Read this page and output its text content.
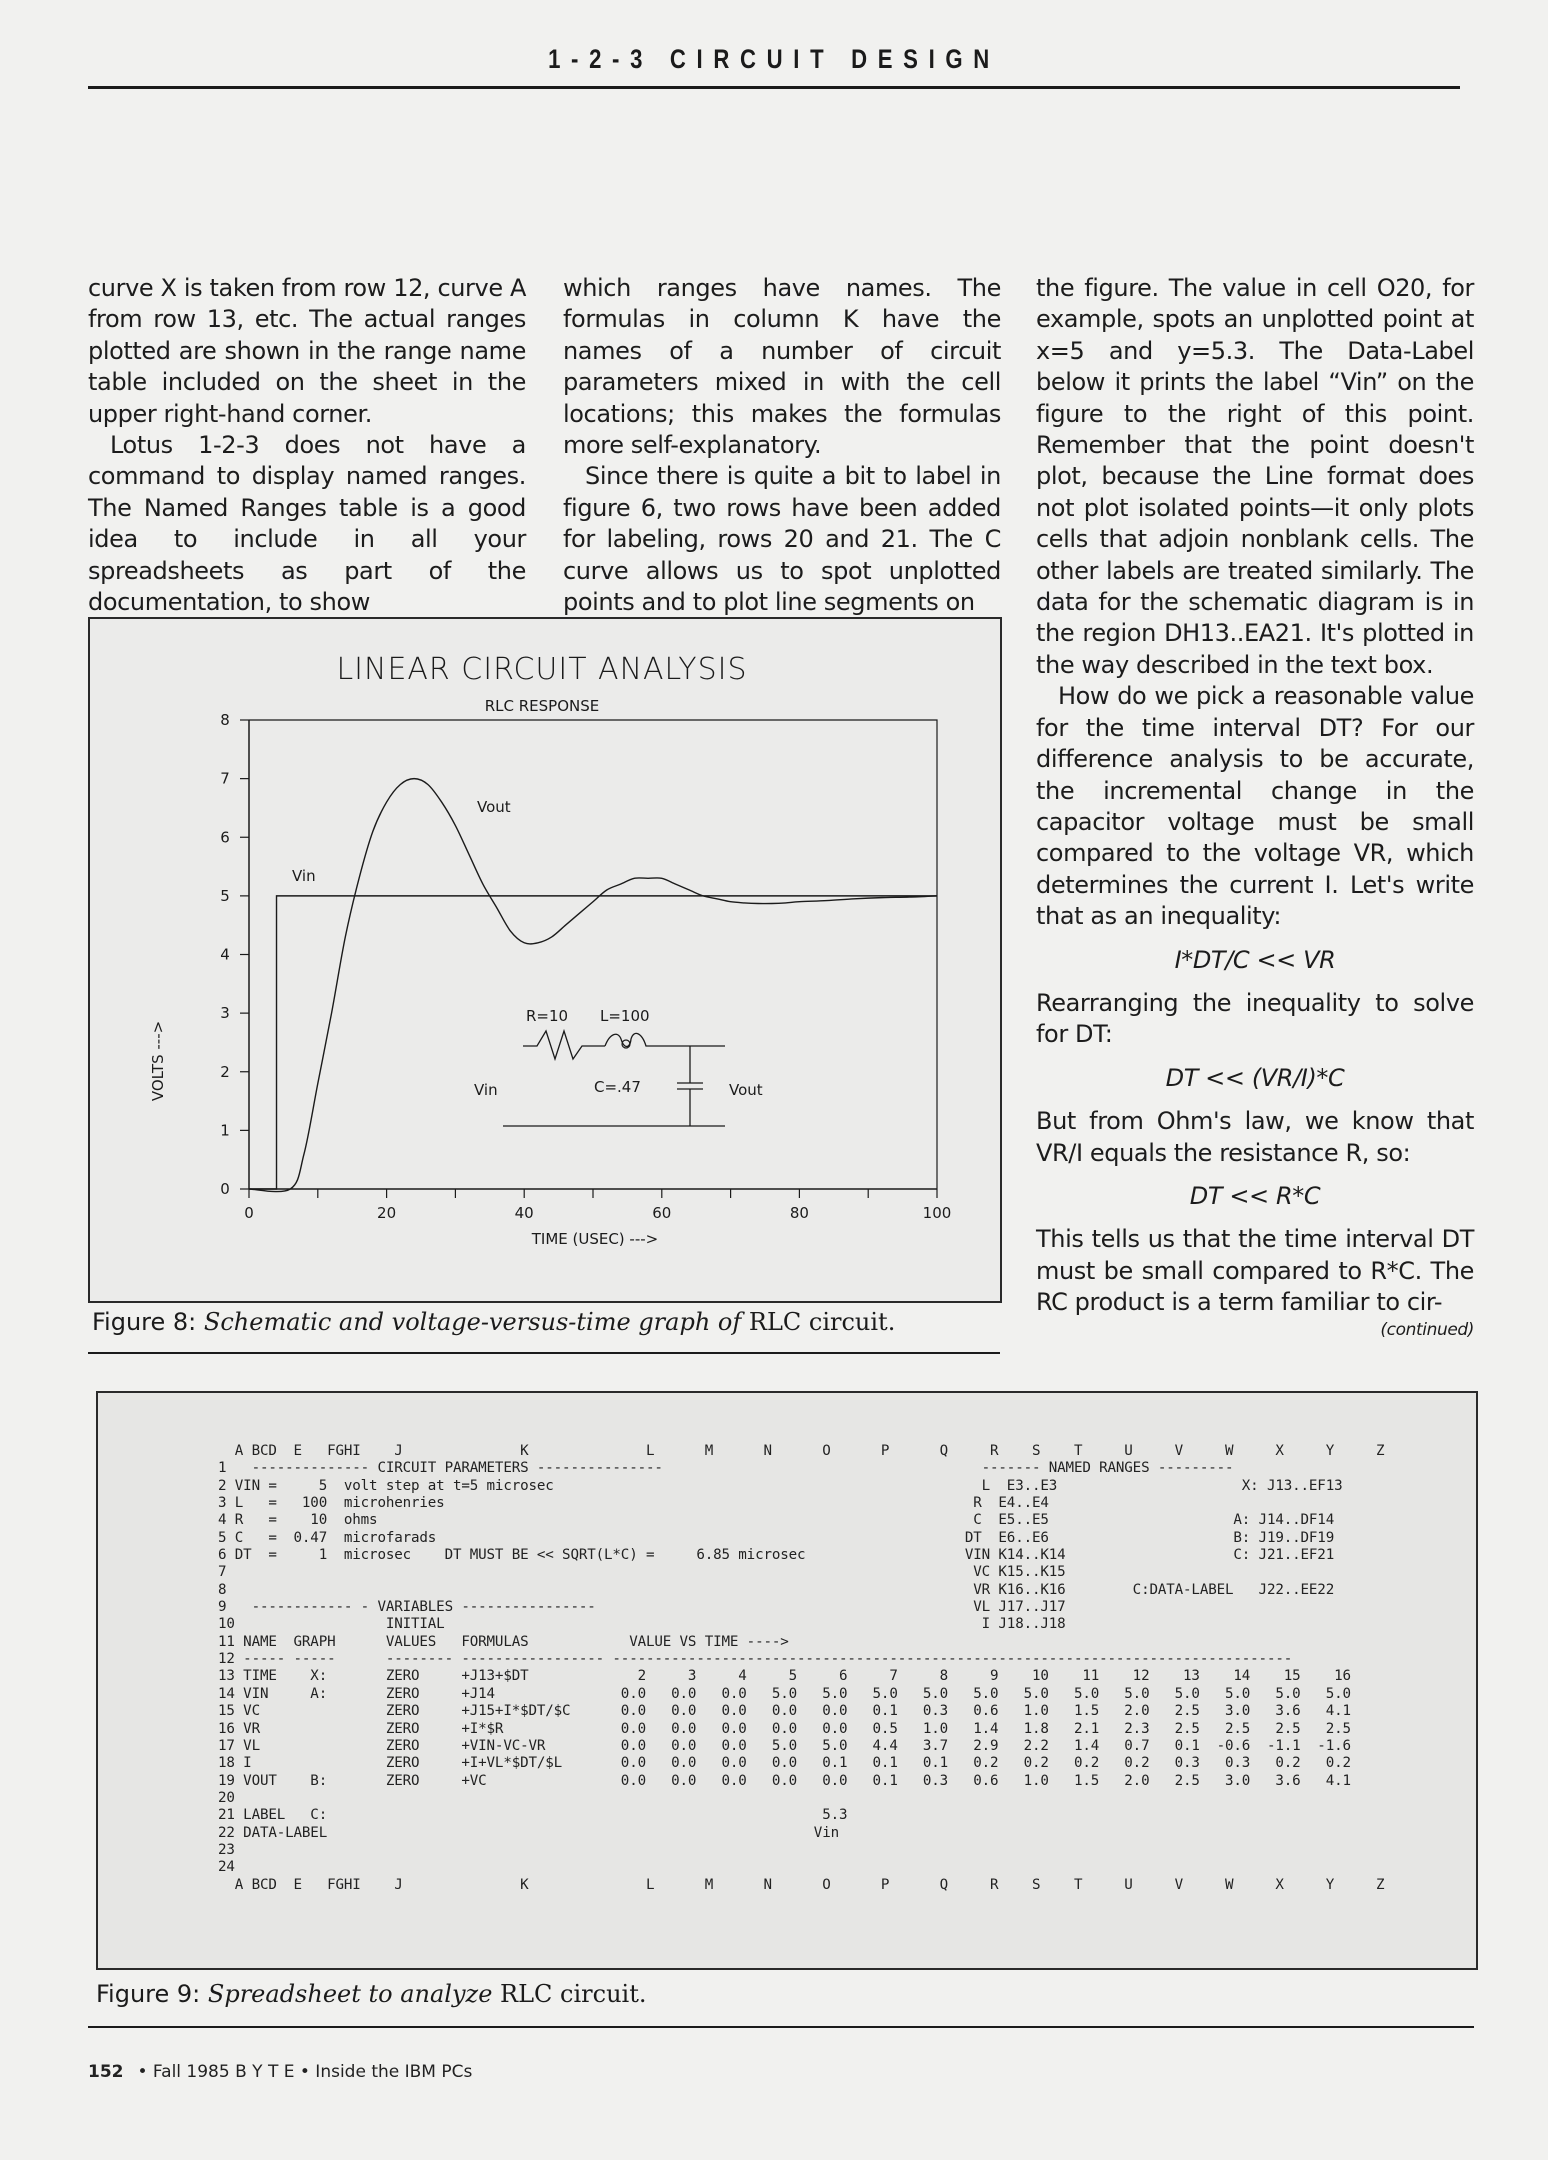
1-2-3 CIRCUIT DESIGN

curve X is taken from row 12, curve A from row 13, etc. The actual ranges plotted are shown in the range name table included on the sheet in the upper right-hand corner.

Lotus 1-2-3 does not have a command to display named ranges. The Named Ranges table is a good idea to include in all your spreadsheets as part of the documentation, to show

which ranges have names. The formulas in column K have the names of a number of circuit parameters mixed in with the cell locations; this makes the formulas more self-explanatory.

Since there is quite a bit to label in figure 6, two rows have been added for labeling, rows 20 and 21. The C curve allows us to spot unplotted points and to plot line segments on

the figure. The value in cell O20, for example, spots an unplotted point at x=5 and y=5.3. The Data-Label below it prints the label “Vin” on the figure to the right of this point. Remember that the point doesn't plot, because the Line format does not plot isolated points—it only plots cells that adjoin nonblank cells. The other labels are treated similarly. The data for the schematic diagram is in the region DH13..EA21. It's plotted in the way described in the text box.

How do we pick a reasonable value for the time interval DT? For our difference analysis to be accurate, the incremental change in the capacitor voltage must be small compared to the voltage VR, which determines the current I. Let's write that as an inequality:

I*DT/C << VR

Rearranging the inequality to solve for DT:

DT << (VR/I)*C

But from Ohm's law, we know that VR/I equals the resistance R, so:

DT << R*C

This tells us that the time interval DT must be small compared to R*C. The RC product is a term familiar to cir-

(continued)

LINEAR CIRCUIT ANALYSIS
RLC RESPONSE
0
1
2
3
4
5
6
7
8
0	20	40	60	80	100
VOLTS --->
TIME (USEC) --->
Vin
Vout
R=10 L=100
Vin	C=.47	Vout
Figure 8: Schematic and voltage-versus-time graph of RLC circuit.
A BCD  E   FGHI    J              K              L      M      N      O      P      Q     R    S    T     U     V     W     X     Y     Z
1   -------------- CIRCUIT PARAMETERS ---------------                                      ------- NAMED RANGES ---------
2 VIN =     5  volt step at t=5 microsec                                                   L  E3..E3                      X: J13..EF13
3 L   =   100  microhenries                                                               R  E4..E4
4 R   =    10  ohms                                                                       C  E5..E5                      A: J14..DF14
5 C   =  0.47  microfarads                                                               DT  E6..E6                      B: J19..DF19
6 DT  =     1  microsec    DT MUST BE << SQRT(L*C) =     6.85 microsec                   VIN K14..K14                    C: J21..EF21
7                                                                                         VC K15..K15
8                                                                                         VR K16..K16        C:DATA-LABEL   J22..EE22
9   ------------ - VARIABLES ----------------                                             VL J17..J17
10                  INITIAL                                                                I J18..J18
11 NAME  GRAPH      VALUES   FORMULAS            VALUE VS TIME ---->
12 ----- -----      -------- ----------------- ---------------------------------------------------------------------------------
13 TIME    X:       ZERO     +J13+$DT             2     3     4     5     6     7     8     9    10    11    12    13    14    15    16
14 VIN     A:       ZERO     +J14               0.0   0.0   0.0   5.0   5.0   5.0   5.0   5.0   5.0   5.0   5.0   5.0   5.0   5.0   5.0
15 VC               ZERO     +J15+I*$DT/$C      0.0   0.0   0.0   0.0   0.0   0.1   0.3   0.6   1.0   1.5   2.0   2.5   3.0   3.6   4.1
16 VR               ZERO     +I*$R              0.0   0.0   0.0   0.0   0.0   0.5   1.0   1.4   1.8   2.1   2.3   2.5   2.5   2.5   2.5
17 VL               ZERO     +VIN-VC-VR         0.0   0.0   0.0   5.0   5.0   4.4   3.7   2.9   2.2   1.4   0.7   0.1  -0.6  -1.1  -1.6
18 I                ZERO     +I+VL*$DT/$L       0.0   0.0   0.0   0.0   0.1   0.1   0.1   0.2   0.2   0.2   0.2   0.3   0.3   0.2   0.2
19 VOUT    B:       ZERO     +VC                0.0   0.0   0.0   0.0   0.0   0.1   0.3   0.6   1.0   1.5   2.0   2.5   3.0   3.6   4.1
20
21 LABEL   C:                                                           5.3
22 DATA-LABEL                                                          Vin
23
24
A BCD  E   FGHI    J              K              L      M      N      O      P      Q     R    S    T     U     V     W     X     Y     Z
Figure 9: Spreadsheet to analyze RLC circuit.
152 • Fall 1985 B Y T E • Inside the IBM PCs
